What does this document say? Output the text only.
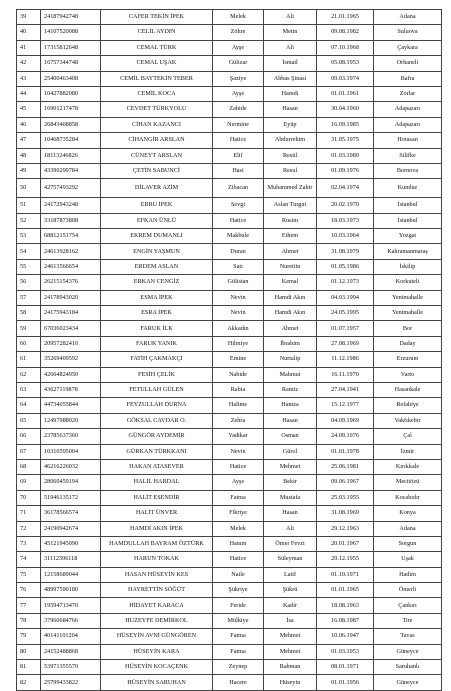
39	24187942748	CAFER TEKİN İPEK	Melek	Ali	21.01.1965	Adana
40	14107520088	CELİL AYDIN	Zöhre	Metin	09.08.1982	Suluova
41	17315812648	CEMAL TÜRK	Ayşe	Ali	07.10.1968	Çaykara
42	16757344748	CEMAL UŞAK	Gülizar	İsmail	05.08.1953	Orhaneli
43	25400463408	CEMİL BAYTEKİN TEBER	Şaziye	Abbas Şinasi	09.03.1974	Bafra
44	10427882080	CEMİL KOCA	Ayşe	Hamdi	01.01.1961	Zorlar
45	16901217478	CEVDET TÜRKYOLU	Zahide	Hasan	30.04.1960	Adapazarı
46	26843408858	CİHAN KAZANCI	Nermine	Eyüp	16.09.1985	Adapazarı
47	10468735284	CİHANGİR ARSLAN	Hatice	Abdurrehim	31.05.1975	Horasan
48	18113246826	CÜNEYT ARSLAN	Elif	Resül	01.03.1980	Silifke
49	43390299784	ÇETİN SABUNCİ	Hasi	Resul	01.09.1976	Bornova
50	42757493292	DİLAVER AZİM	Zibacan	Muhammed Zahir	02.04.1974	Kunduz
51	24172943248	EBRU İPEK	Sevgi	Aslan Turgut	20.02.1970	İstanbul
52	33187873808	EFKAN ÜNLÜ	Hatice	Rusim	18.03.1973	İstanbul
53	68812151754	EKREM DUMANLI	Makbule	Ethem	10.03.1964	Yozgat
54	24613928162	ENGİN YAŞMUN	Duran	Ahmet	31.08.1979	Kahramanmaraş
55	24613566654	ERDEM ASLAN	Satı	Nurettin	01.05.1986	İskilip
56	26215154376	ERKAN CENGİZ	Gülistan	Kemal	01.12.1973	Korkuteli
57	24178943020	ESMA İPEK	Nevin	Hamdi Akın	04.03.1994	Yenimahalle
58	24175943184	ESRA İPEK	Nevin	Hamdi Akın	24.05.1995	Yenimahalle
59	67036023434	FARUK İLK	Akkadın	Ahmet	01.07.1957	Bor
60	20957282410	FARUK YANIK	Hilmiye	İbrahim	27.08.1969	Daday
61	35269409592	FATİH ÇAKMAKÇI	Emine	Nurtalip	11.12.1986	Erzurum
62	42664824950	FESİH ÇELİK	Nahide	Mahmut	16.11.1970	Varto
63	43627119878	FETULLAH GÜLEN	Rabia	Ramiz	27.04.1941	Hasankale
64	44734055844	FEYZULLAH DURNA	Halime	Hamza	15.12.1977	Refahiye
65	12497988020	GÖKSAL CAVDAR O.	Zehra	Hasan	04.09.1969	Vakfıkebir
66	23785637360	GÜNGÖR AYDEMİR	Yadikar	Osman	24.09.1976	Çal
67	10310595004	GÜRKAN TÜRKKANI	Nevin	Gürol	01.01.1978	İzmir
68	46216226032	HAKAN ATASEVER	Hatice	Mehmet	25.06.1981	Kırıkkale
69	28060459194	HALİL HARDAL	Ayşe	Bekir	09.06.1967	Mecitözü
70	51946135172	HALİT ESENDİR	Fatma	Mustafa	25.03.1955	Kocahıdır
71	36178566574	HALİT ÜNVER	Fikriye	Hasan	31.08.1969	Konya
72	24190942674	HAMDİ AKIN İPEK	Melek	Ali	29.12.1963	Adana
73	45121945090	HAMDULLAH BAYRAM ÖZTÜRK	Hanım	Ömer Fevzi	20.01.1967	Sorgun
74	31112396118	HARUN TOKAK	Hatice	Süleyman	29.12.1955	Uşak
75	12158689044	HASAN HÜSEYİN KES	Naile	Latif	01.10.1971	Hadim
76	48997590180	HAYRETTİN SÖĞÜT	Şükriye	Şükrü	01.01.1965	Ömerli
77	19594713470	HİDAYET KARACA	Feride	Kadir	18.08.1963	Çankırı
78	37960684766	HUZEYFE DEMİRKOL	Mülkiye	İsa	16.08.1987	Tire
79	40141101204	HÜSEYİN AVNİ GÜNGÖREN	Fatma	Mehmet	10.06.1947	Tavas
80	24152488868	HÜSEYİN KARA	Fatma	Mehmet	01.03.1953	Güneyce
81	53971355570	HÜSEYİN KOCAÇENK	Zeynep	Rahman	08.01.1971	Saruhanlı
82	25799433822	HÜSEYİN SARUHAN	Hacere	Hüseyin	01.01.1956	Güneyce
